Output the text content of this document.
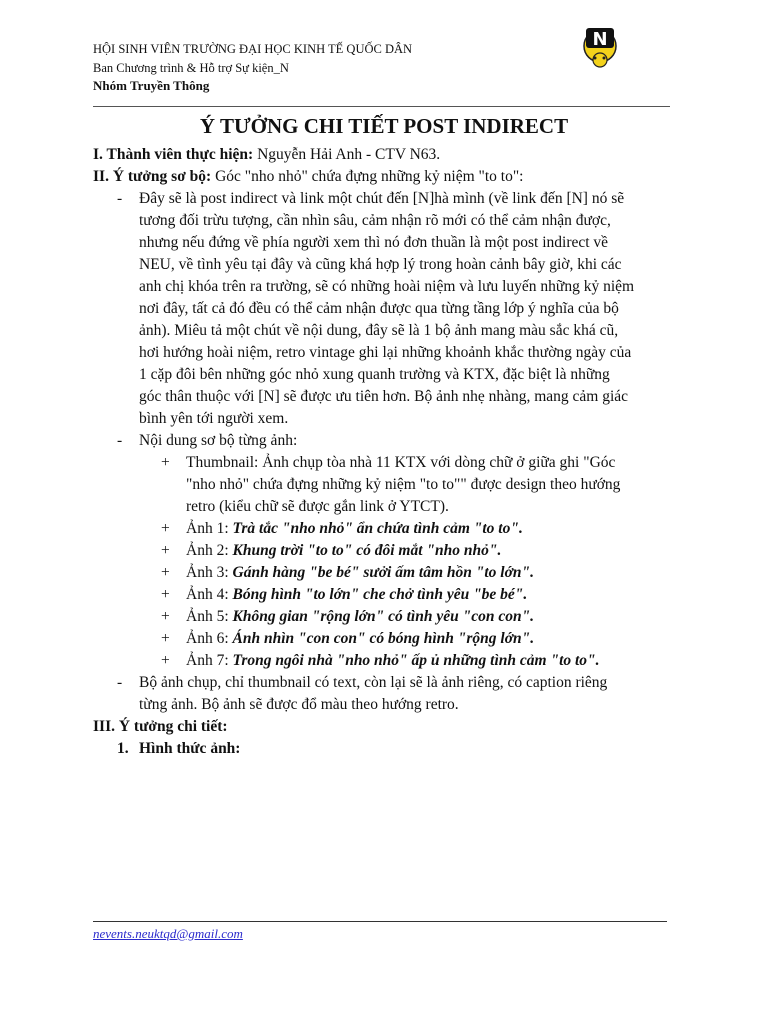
HỘI SINH VIÊN TRƯỜNG ĐẠI HỌC KINH TẾ QUỐC DÂN
Ban Chương trình & Hỗ trợ Sự kiện_N
Nhóm Truyền Thông
N
Ý TƯỞNG CHI TIẾT POST INDIRECT
I. Thành viên thực hiện: Nguyễn Hải Anh - CTV N63.
II. Ý tưởng sơ bộ: Góc "nho nhỏ" chứa đựng những kỷ niệm "to to":
- Đây sẽ là post indirect và link một chút đến [N]hà mình (về link đến [N] nó sẽ
tương đối trừu tượng, cần nhìn sâu, cảm nhận rõ mới có thể cảm nhận được,
nhưng nếu đứng về phía người xem thì nó đơn thuần là một post indirect về
NEU, về tình yêu tại đây và cũng khá hợp lý trong hoàn cảnh bây giờ, khi các
anh chị khóa trên ra trường, sẽ có những hoài niệm và lưu luyến những kỷ niệm
nơi đây, tất cả đó đều có thể cảm nhận được qua từng tầng lớp ý nghĩa của bộ
ảnh). Miêu tả một chút về nội dung, đây sẽ là 1 bộ ảnh mang màu sắc khá cũ,
hơi hướng hoài niệm, retro vintage ghi lại những khoảnh khắc thường ngày của
1 cặp đôi bên những góc nhỏ xung quanh trường và KTX, đặc biệt là những
góc thân thuộc với [N] sẽ được ưu tiên hơn. Bộ ảnh nhẹ nhàng, mang cảm giác
bình yên tới người xem.
- Nội dung sơ bộ từng ảnh:
+ Thumbnail: Ảnh chụp tòa nhà 11 KTX với dòng chữ ở giữa ghi "Góc
"nho nhỏ" chứa đựng những kỷ niệm "to to"" được design theo hướng
retro (kiểu chữ sẽ được gắn link ở YTCT).
+ Ảnh 1: Trà tắc "nho nhỏ" ẩn chứa tình cảm "to to".
+ Ảnh 2: Khung trời "to to" có đôi mắt "nho nhỏ".
+ Ảnh 3: Gánh hàng "be bé" sưởi ấm tâm hồn "to lớn".
+ Ảnh 4: Bóng hình "to lớn" che chở tình yêu "be bé".
+ Ảnh 5: Không gian "rộng lớn" có tình yêu "con con".
+ Ảnh 6: Ánh nhìn "con con" có bóng hình "rộng lớn".
+ Ảnh 7: Trong ngôi nhà "nho nhỏ" ấp ủ những tình cảm "to to".
- Bộ ảnh chụp, chỉ thumbnail có text, còn lại sẽ là ảnh riêng, có caption riêng
từng ảnh. Bộ ảnh sẽ được đổ màu theo hướng retro.
III. Ý tưởng chi tiết:
1. Hình thức ảnh:
nevents.neuktqd@gmail.com
